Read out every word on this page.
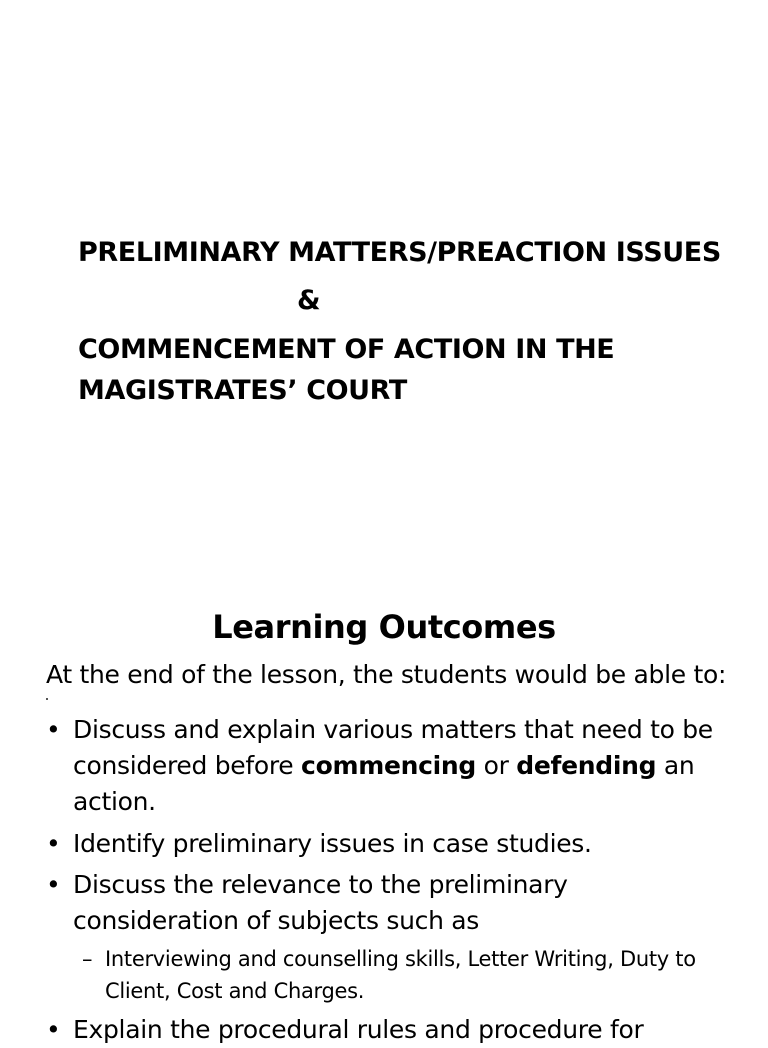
PRELIMINARY MATTERS/PREACTION ISSUES
&
COMMENCEMENT OF ACTION IN THE
MAGISTRATES’ COURT
Learning Outcomes
At the end of the lesson, the students would be able to:
• Discuss and explain various matters that need to be
considered before commencing or defending an
action.
• Identify preliminary issues in case studies.
• Discuss the relevance to the preliminary
consideration of subjects such as
– Interviewing and counselling skills, Letter Writing, Duty to
Client, Cost and Charges.
• Explain the procedural rules and procedure for
